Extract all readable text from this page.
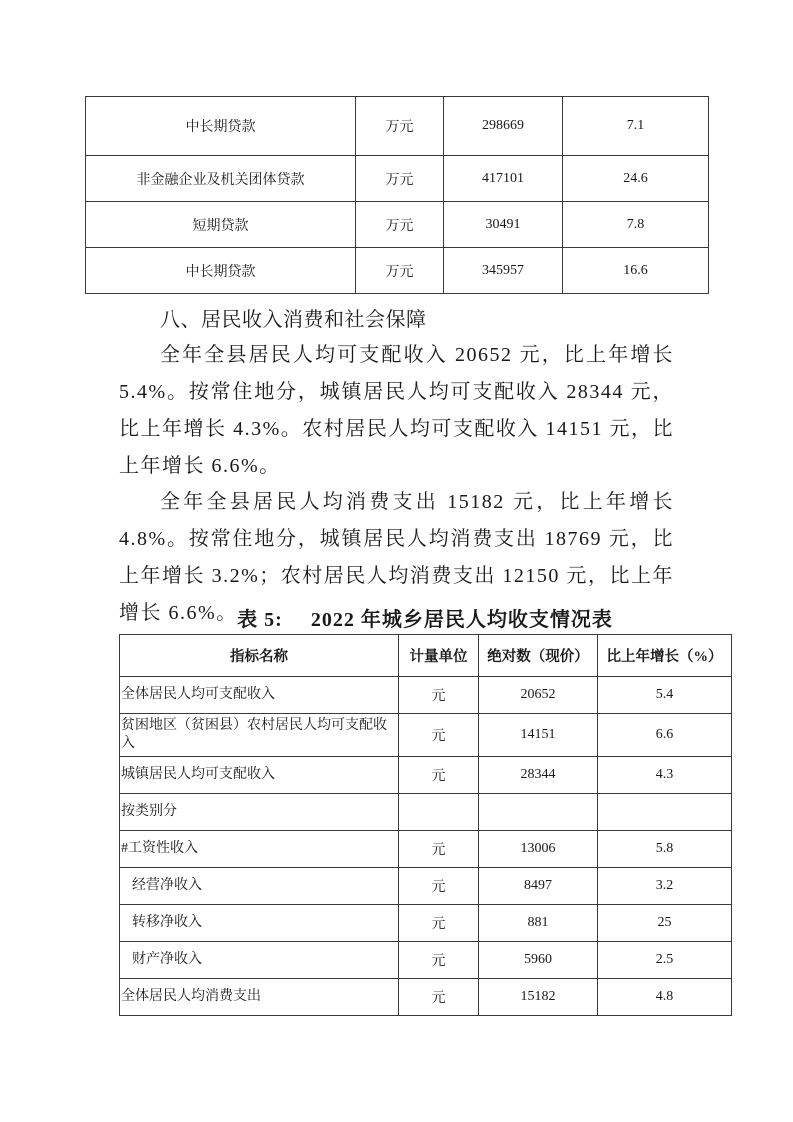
中长期贷款	万元	298669	7.1
非金融企业及机关团体贷款	万元	417101	24.6
短期贷款	万元	30491	7.8
中长期贷款	万元	345957	16.6
八、居民收入消费和社会保障

全年全县居民人均可支配收入 20652 元，比上年增长 5.4%。按常住地分，城镇居民人均可支配收入 28344 元，比上年增长 4.3%。农村居民人均可支配收入 14151 元，比上年增长 6.6%。

全年全县居民人均消费支出 15182 元，比上年增长 4.8%。按常住地分，城镇居民人均消费支出 18769 元，比上年增长 3.2%；农村居民人均消费支出 12150 元，比上年增长 6.6%。 表 5: 2022 年城乡居民人均收支情况表
指标名称	计量单位	绝对数（现价）	比上年增长（%）
全体居民人均可支配收入	元	20652	5.4
贫困地区（贫困县）农村居民人均可支配收入	元	14151	6.6
城镇居民人均可支配收入	元	28344	4.3
按类别分			
#工资性收入	元	13006	5.8
经营净收入	元	8497	3.2
转移净收入	元	881	25
财产净收入	元	5960	2.5
全体居民人均消费支出	元	15182	4.8
